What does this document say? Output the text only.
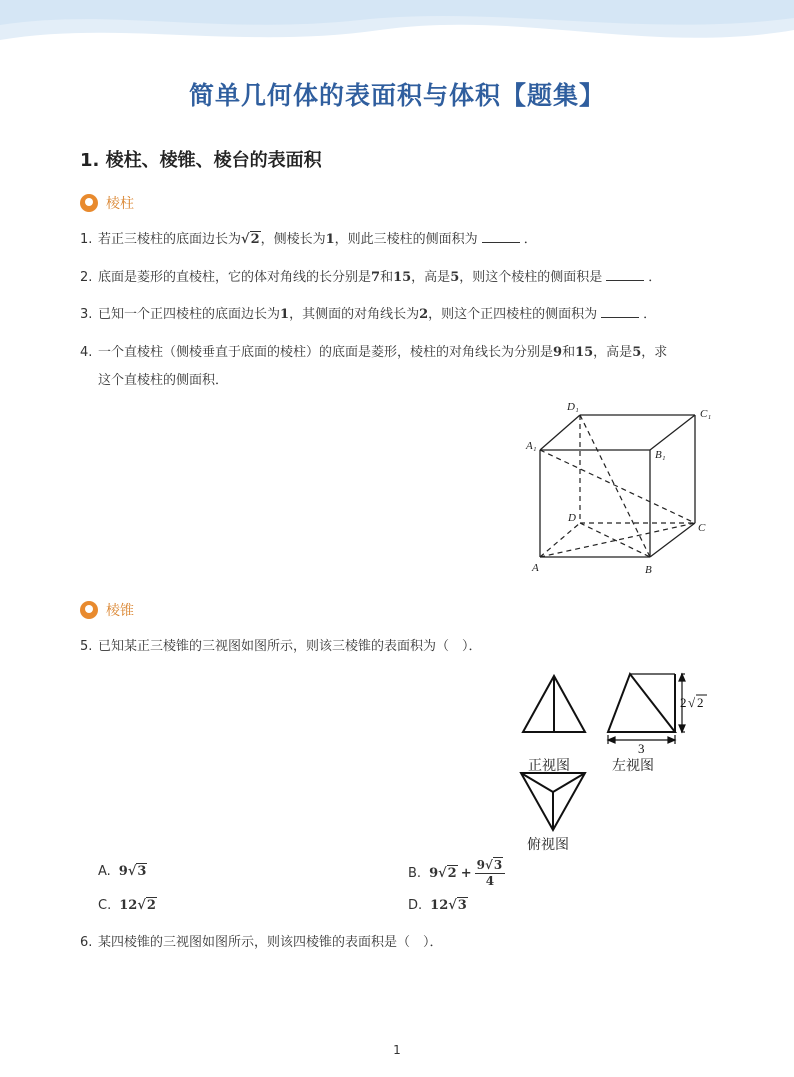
简单几何体的表面积与体积【题集】
1. 棱柱、棱锥、棱台的表面积
棱柱
1. 若正三棱柱的底面边长为√2，侧棱长为1，则此三棱柱的侧面积为	．
2. 底面是菱形的直棱柱，它的体对角线的长分别是7和15，高是5，则这个棱柱的侧面积是	．
3. 已知一个正四棱柱的底面边长为1，其侧面的对角线长为2，则这个正四棱柱的侧面积为	．
4. 一个直棱柱（侧棱垂直于底面的棱柱）的底面是菱形，棱柱的对角线长为分别是9和15，高是5，求
这个直棱柱的侧面积．
D₁
C₁
A₁
B₁
D
C
A	B
棱锥
5. 已知某正三棱锥的三视图如图所示，则该三棱锥的表面积为（　）．
2 √ 2
3
正视图	左视图
俯视图
A. 9√3	B. $9√2 + \frac{9√3}{4}$
C. 12√2	D. 12√3
6. 某四棱锥的三视图如图所示，则该四棱锥的表面积是（　）．
1
